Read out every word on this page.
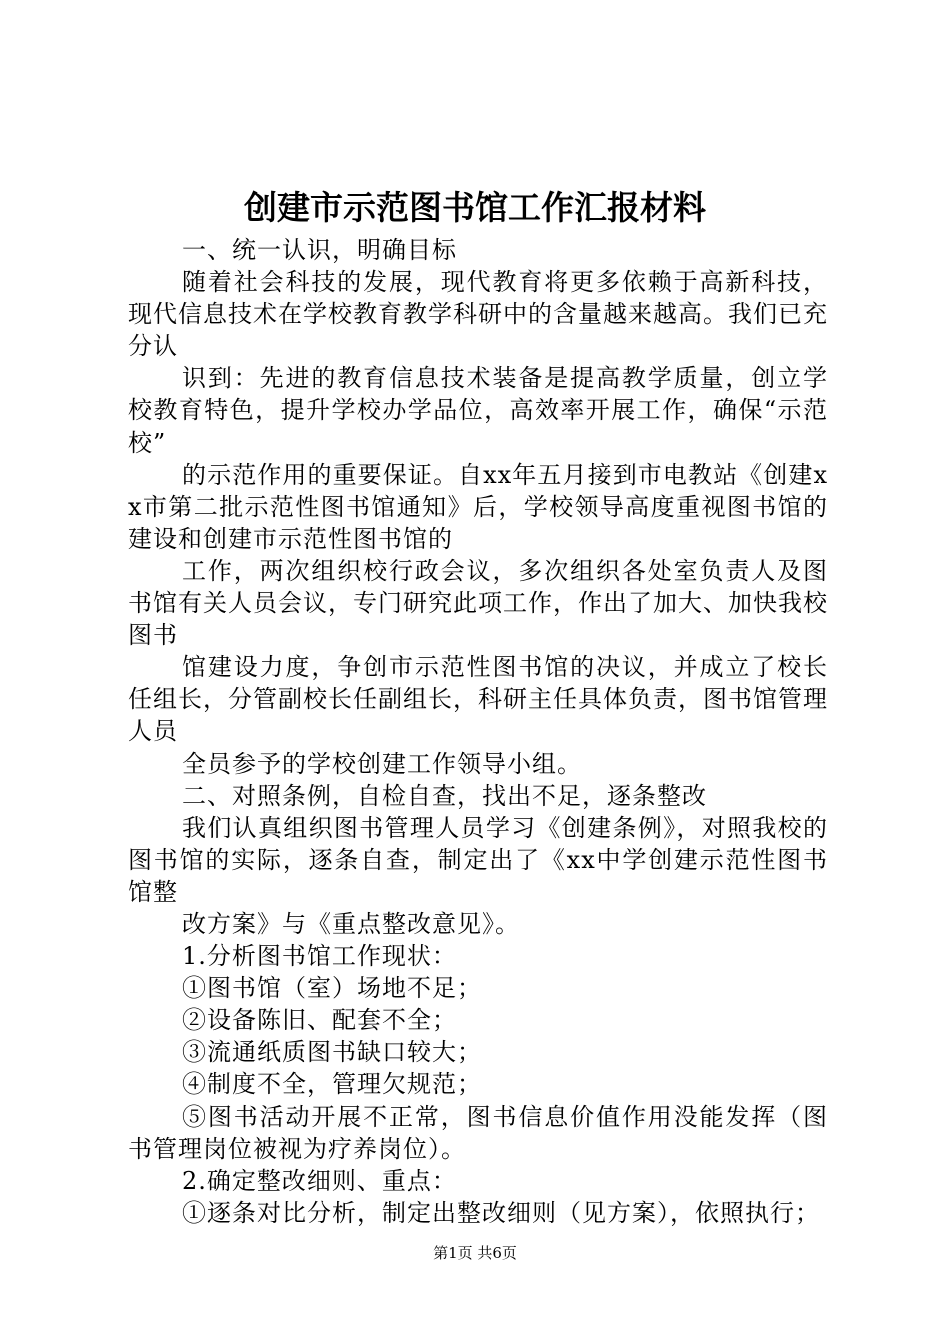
创建市示范图书馆工作汇报材料

一、统一认识，明确目标

随着社会科技的发展，现代教育将更多依赖于高新科技，现代信息技术在学校教育教学科研中的含量越来越高。我们已充分认

识到：先进的教育信息技术装备是提高教学质量，创立学校教育特色，提升学校办学品位，高效率开展工作，确保“示范校”

的示范作用的重要保证。自xx年五月接到市电教站《创建xx市第二批示范性图书馆通知》后，学校领导高度重视图书馆的建设和创建市示范性图书馆的

工作，两次组织校行政会议，多次组织各处室负责人及图书馆有关人员会议，专门研究此项工作，作出了加大、加快我校图书

馆建设力度，争创市示范性图书馆的决议，并成立了校长任组长，分管副校长任副组长，科研主任具体负责，图书馆管理人员

全员参予的学校创建工作领导小组。

二、对照条例，自检自查，找出不足，逐条整改

我们认真组织图书管理人员学习《创建条例》，对照我校的图书馆的实际，逐条自查，制定出了《xx中学创建示范性图书馆整

改方案》与《重点整改意见》。

1.分析图书馆工作现状：

①图书馆（室）场地不足；

②设备陈旧、配套不全；

③流通纸质图书缺口较大；

④制度不全，管理欠规范；

⑤图书活动开展不正常，图书信息价值作用没能发挥（图书管理岗位被视为疗养岗位）。

2.确定整改细则、重点：

①逐条对比分析，制定出整改细则（见方案），依照执行；

第1页 共6页
